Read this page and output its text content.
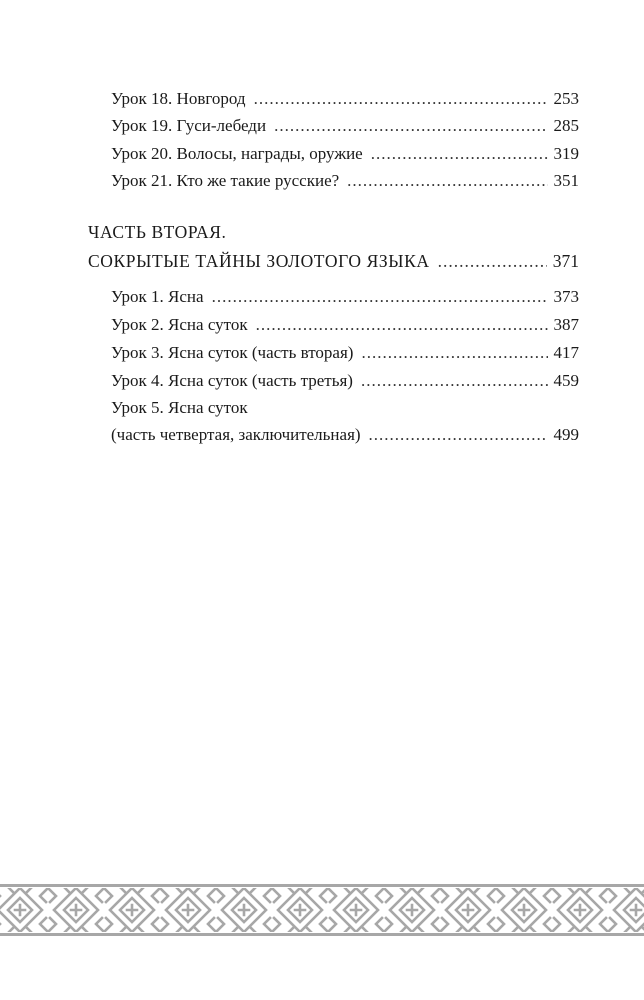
Урок 18. Новгород .....	253
Урок 19. Гуси-лебеди .....	285
Урок 20. Волосы, награды, оружие .....	319
Урок 21. Кто же такие русские? .....	351
ЧАСТЬ ВТОРАЯ.
СОКРЫТЫЕ ТАЙНЫ ЗОЛОТОГО ЯЗЫКА .....	371
Урок 1. Ясна .....	373
Урок 2. Ясна суток .....	387
Урок 3. Ясна суток (часть вторая) .....	417
Урок 4. Ясна суток (часть третья) .....	459
Урок 5. Ясна суток
(часть четвертая, заключительная) .....	499
